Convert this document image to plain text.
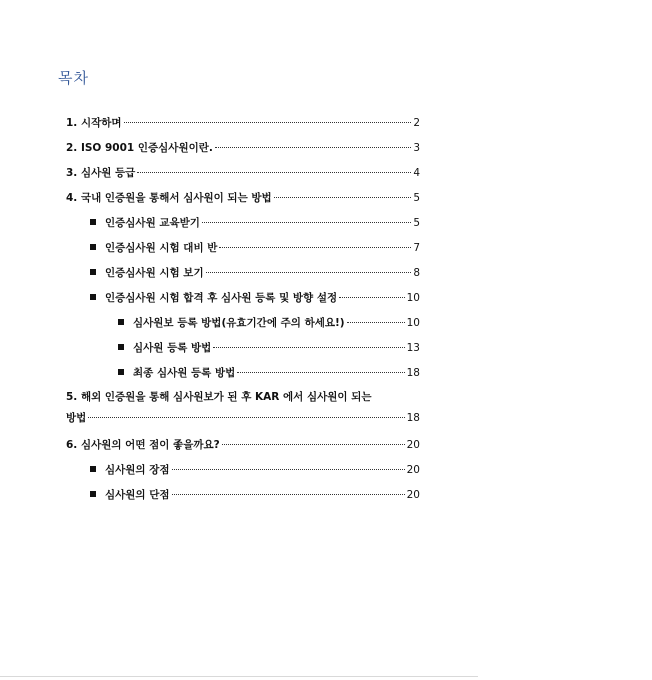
목차
1. 시작하며	2
2. ISO 9001 인증심사원이란.	3
3. 심사원 등급	4
4. 국내 인증원을 통해서 심사원이 되는 방법	5
인증심사원 교육받기	5
인증심사원 시험 대비 반	7
인증심사원 시험 보기	8
인증심사원 시험 합격 후 심사원 등록 및 방향 설정	10
심사원보 등록 방법(유효기간에 주의 하세요!)	10
심사원 등록 방법	13
최종 심사원 등록 방법	18
5. 해외 인증원을 통해 심사원보가 된 후 KAR 에서 심사원이 되는
방법	18
6. 심사원의 어떤 점이 좋을까요?	20
심사원의 장점	20
심사원의 단점	20
